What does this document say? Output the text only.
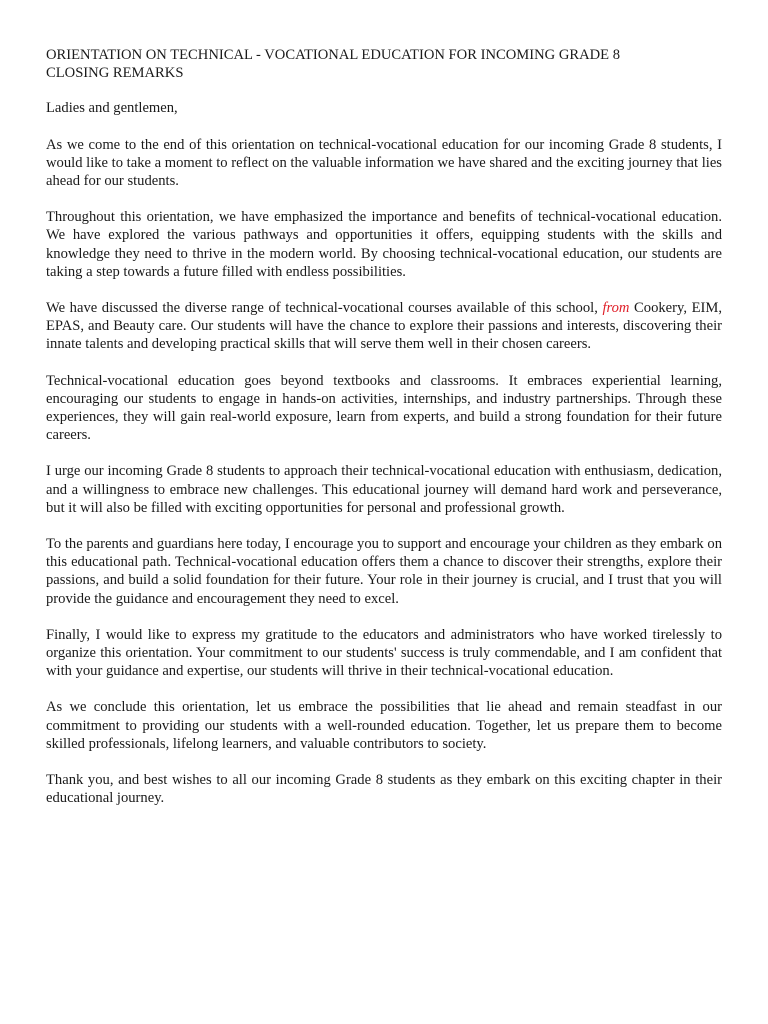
ORIENTATION ON TECHNICAL - VOCATIONAL EDUCATION FOR INCOMING GRADE 8

CLOSING REMARKS

Ladies and gentlemen,

As we come to the end of this orientation on technical-vocational education for our incoming Grade 8 students, I would like to take a moment to reflect on the valuable information we have shared and the exciting journey that lies ahead for our students.

Throughout this orientation, we have emphasized the importance and benefits of technical-vocational education. We have explored the various pathways and opportunities it offers, equipping students with the skills and knowledge they need to thrive in the modern world. By choosing technical-vocational education, our students are taking a step towards a future filled with endless possibilities.

We have discussed the diverse range of technical-vocational courses available of this school, from Cookery, EIM, EPAS, and Beauty care. Our students will have the chance to explore their passions and interests, discovering their innate talents and developing practical skills that will serve them well in their chosen careers.

Technical-vocational education goes beyond textbooks and classrooms. It embraces experiential learning, encouraging our students to engage in hands-on activities, internships, and industry partnerships. Through these experiences, they will gain real-world exposure, learn from experts, and build a strong foundation for their future careers.

I urge our incoming Grade 8 students to approach their technical-vocational education with enthusiasm, dedication, and a willingness to embrace new challenges. This educational journey will demand hard work and perseverance, but it will also be filled with exciting opportunities for personal and professional growth.

To the parents and guardians here today, I encourage you to support and encourage your children as they embark on this educational path. Technical-vocational education offers them a chance to discover their strengths, explore their passions, and build a solid foundation for their future. Your role in their journey is crucial, and I trust that you will provide the guidance and encouragement they need to excel.

Finally, I would like to express my gratitude to the educators and administrators who have worked tirelessly to organize this orientation. Your commitment to our students' success is truly commendable, and I am confident that with your guidance and expertise, our students will thrive in their technical-vocational education.

As we conclude this orientation, let us embrace the possibilities that lie ahead and remain steadfast in our commitment to providing our students with a well-rounded education. Together, let us prepare them to become skilled professionals, lifelong learners, and valuable contributors to society.

Thank you, and best wishes to all our incoming Grade 8 students as they embark on this exciting chapter in their educational journey.
